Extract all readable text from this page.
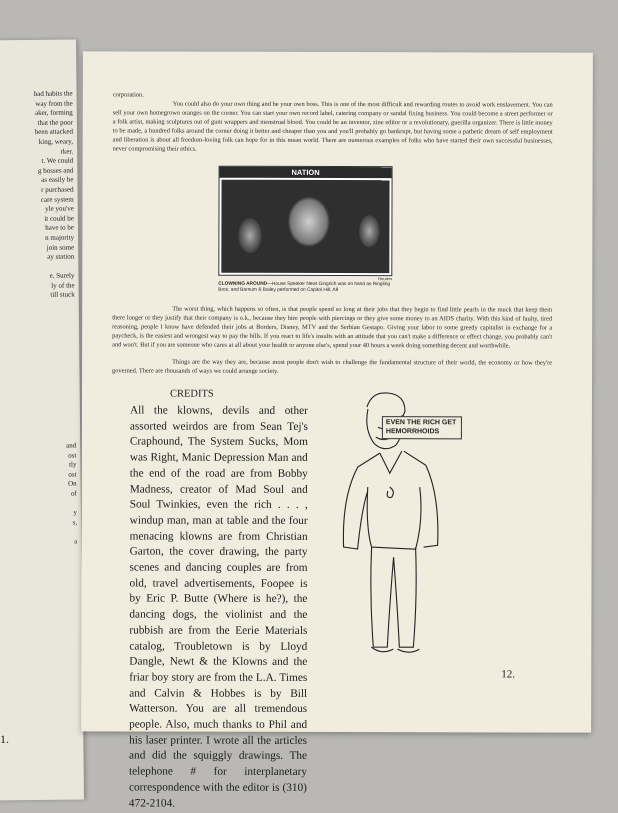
bad habits the
way from the
aker, forming
that the poor
been attacked
king, weary,
rker.
t. We could
g bosses and
as easily be
r purchased
care system
yle you've
it could be
have to be
n majority
join some
ay station

e. Surely
ly of the
till stuck
and
ost
tly
ost
On
of

y
s,

a

1.
corporation.
You could also do your own thing and be your own boss. This is one of the most difficult and rewarding routes to avoid work enslavement. You can sell your own homegrown oranges on the corner. You can start your own record label, catering company or sandal fixing business. You could become a street performer or a folk artist, making sculptures out of gum wrappers and menstrual blood. You could be an inventor, zine editor or a revolutionary, guerilla organizer. There is little money to be made, a hundred folks around the corner doing it better and cheaper than you and you'll probably go bankrupt, but having some a pathetic dream of self employment and liberation is about all freedom-loving folk can hope for in this mean world. There are numerous examples of folks who have started their own successful businesses, never compromising their ethics.
NATION
Reuters
CLOWNING AROUND—House Speaker Newt Gingrich was on hand as Ringling Bros. and Barnum & Bailey performed on Capitol Hill. A8
The worst thing, which happens so often, is that people spend so long at their jobs that they begin to find little pearls in the muck that keep them there longer or they justify that their company is o.k., because they hire people with piercings or they give some money to an AIDS charity. With this kind of faulty, tired reasoning, people I know have defended their jobs at Borders, Disney, MTV and the Serbian Gestapo. Giving your labor to some greedy capitalist in exchange for a paycheck, is the easiest and wrongest way to pay the bills. If you react to life's insults with an attitude that you can't make a difference or effect change, you probably can't and won't. But if you are someone who cares at all about your health or anyone else's, spend your 40 hours a week doing something decent and worthwhile.
Things are the way they are, because most people don't wish to challenge the fundamental structure of their world, the economy or how they're governed. There are thousands of ways we could arrange society.
CREDITS
All the klowns, devils and other assorted weirdos are from Sean Tej's Craphound, The System Sucks, Mom was Right, Manic Depression Man and the end of the road are from Bobby Madness, creator of Mad Soul and Soul Twinkies, even the rich . . . , windup man, man at table and the four menacing klowns are from Christian Garton, the cover drawing, the party scenes and dancing couples are from old, travel advertisements, Foopee is by Eric P. Butte (Where is he?), the dancing dogs, the violinist and the rubbish are from the Eerie Materials catalog, Troubletown is by Lloyd Dangle, Newt & the Klowns and the friar boy story are from the L.A. Times and Calvin & Hobbes is by Bill Watterson. You are all tremendous people. Also, much thanks to Phil and his laser printer. I wrote all the articles and did the squiggly drawings. The telephone # for interplanetary correspondence with the editor is (310) 472-2104.
EVEN THE RICH GET HEMORRHOIDS
12.
